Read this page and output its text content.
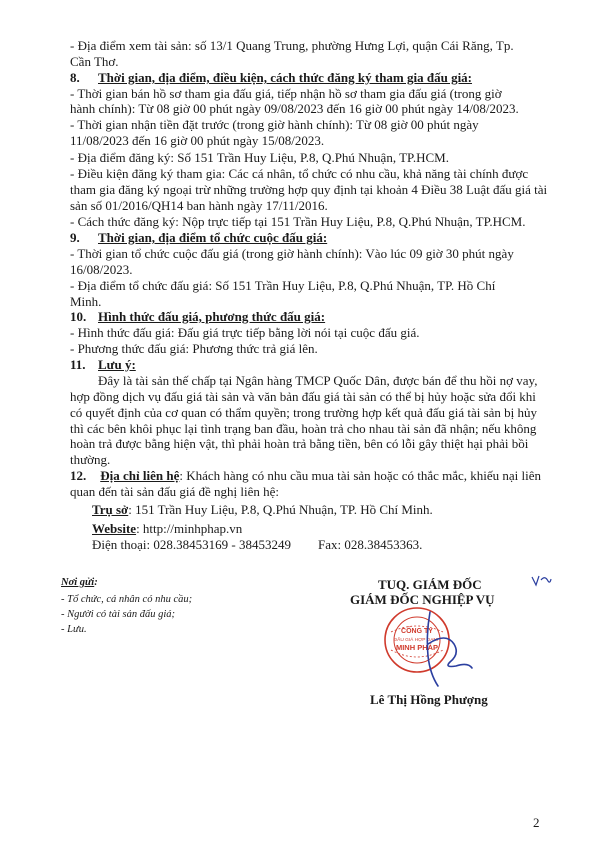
- Địa điểm xem tài sản: số 13/1 Quang Trung, phường Hưng Lợi, quận Cái Răng, Tp.
Cần Thơ.
8. Thời gian, địa điểm, điều kiện, cách thức đăng ký tham gia đấu giá:
- Thời gian bán hồ sơ tham gia đấu giá, tiếp nhận hồ sơ tham gia đấu giá (trong giờ
hành chính): Từ 08 giờ 00 phút ngày 09/08/2023 đến 16 giờ 00 phút ngày 14/08/2023.
- Thời gian nhận tiền đặt trước (trong giờ hành chính): Từ 08 giờ 00 phút ngày
11/08/2023 đến 16 giờ 00 phút ngày 15/08/2023.
- Địa điểm đăng ký: Số 151 Trần Huy Liệu, P.8, Q.Phú Nhuận, TP.HCM.
- Điều kiện đăng ký tham gia: Các cá nhân, tổ chức có nhu cầu, khả năng tài chính được
tham gia đăng ký ngoại trừ những trường hợp quy định tại khoản 4 Điều 38 Luật đấu giá tài
sản số 01/2016/QH14 ban hành ngày 17/11/2016.
- Cách thức đăng ký: Nộp trực tiếp tại 151 Trần Huy Liệu, P.8, Q.Phú Nhuận, TP.HCM.
9. Thời gian, địa điểm tổ chức cuộc đấu giá:
- Thời gian tổ chức cuộc đấu giá (trong giờ hành chính): Vào lúc 09 giờ 30 phút ngày
16/08/2023.
- Địa điểm tổ chức đấu giá: Số 151 Trần Huy Liệu, P.8, Q.Phú Nhuận, TP. Hồ Chí
Minh.
10. Hình thức đấu giá, phương thức đấu giá:
- Hình thức đấu giá: Đấu giá trực tiếp bằng lời nói tại cuộc đấu giá.
- Phương thức đấu giá: Phương thức trả giá lên.
11. Lưu ý:
Đây là tài sản thế chấp tại Ngân hàng TMCP Quốc Dân, được bán để thu hồi nợ vay,
hợp đồng dịch vụ đấu giá tài sản và văn bản đấu giá tài sản có thể bị hủy hoặc sửa đổi khi
có quyết định của cơ quan có thẩm quyền; trong trường hợp kết quả đấu giá tài sản bị hủy
thì các bên khôi phục lại tình trạng ban đầu, hoàn trả cho nhau tài sản đã nhận; nếu không
hoàn trả được bằng hiện vật, thì phải hoàn trả bằng tiền, bên có lỗi gây thiệt hại phải bồi
thường.
12. Địa chỉ liên hệ: Khách hàng có nhu cầu mua tài sản hoặc có thắc mắc, khiếu nại liên
quan đến tài sản đấu giá đề nghị liên hệ:
Trụ sở: 151 Trần Huy Liệu, P.8, Q.Phú Nhuận, TP. Hồ Chí Minh.
Website: http://minhphap.vn
Điện thoại: 028.38453169 - 38453249 Fax: 028.38453363.
Nơi gửi:
- Tổ chức, cá nhân có nhu cầu;
- Người có tài sản đấu giá;
- Lưu.
TUQ. GIÁM ĐỐC
GIÁM ĐỐC NGHIỆP VỤ
CÔNG TY
ĐẤU GIÁ HỢP DANH
MINH PHÁP
Lê Thị Hồng Phượng
2
